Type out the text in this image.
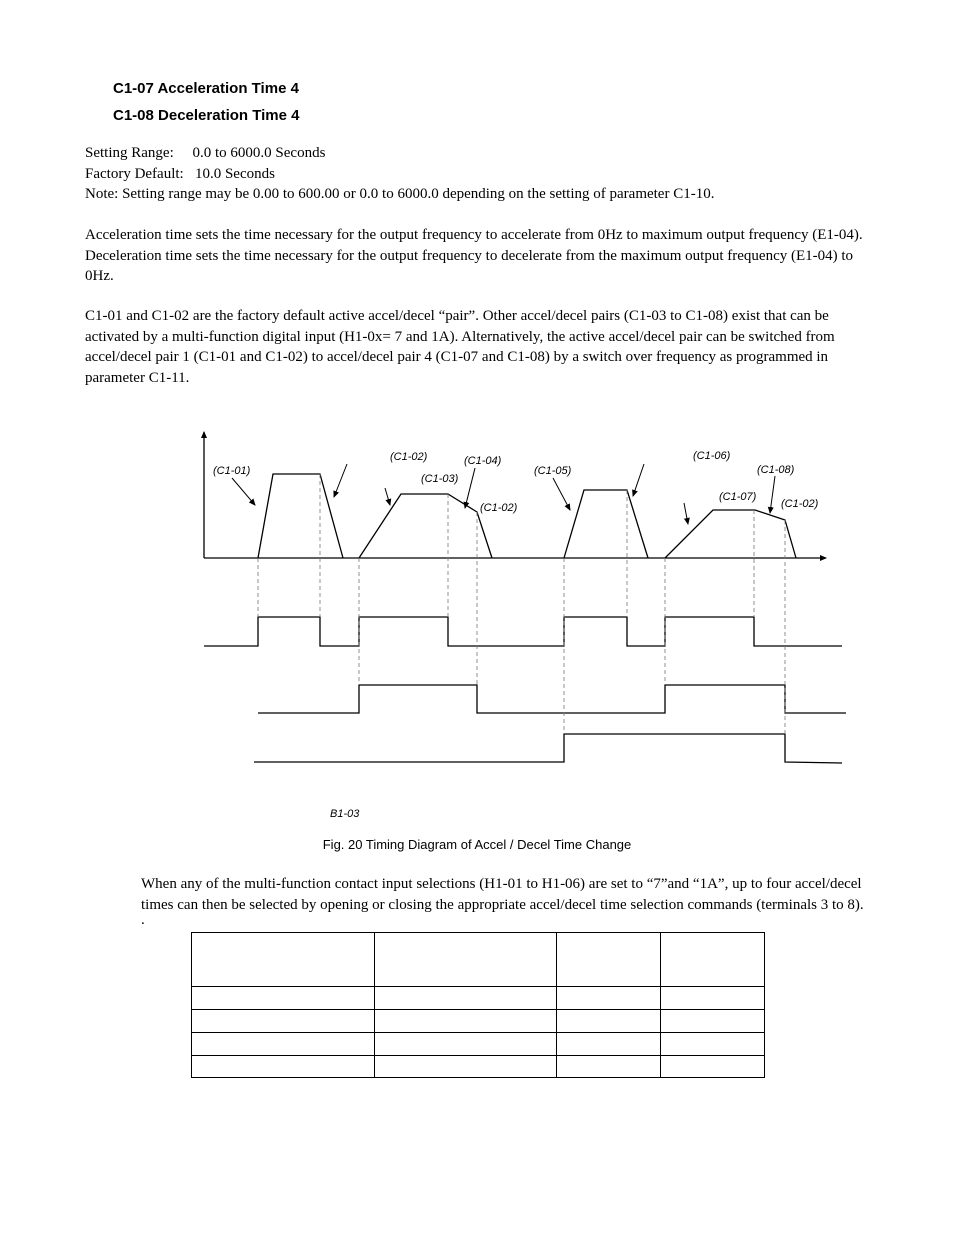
C1-07 Acceleration Time 4
C1-08 Deceleration Time 4

Setting Range:     0.0 to 6000.0 Seconds

Factory Default:   10.0 Seconds

Note: Setting range may be 0.00 to 600.00 or 0.0 to 6000.0 depending on the setting of parameter C1-10.

Acceleration time sets the time necessary for the output frequency to accelerate from 0Hz to maximum output frequency (E1-04). Deceleration time sets the time necessary for the output frequency to decelerate from the maximum output frequency (E1-04) to 0Hz.
C1-01 and C1-02 are the factory default active accel/decel “pair”. Other accel/decel pairs (C1-03 to C1-08) exist that can be activated by a multi-function digital input (H1-0x= 7 and 1A). Alternatively, the active accel/decel pair can be switched from accel/decel pair 1 (C1-01 and C1-02) to accel/decel pair 4 (C1-07 and C1-08) by a switch over frequency as programmed in parameter C1-11.
(C1-01)
(C1-02)
(C1-03)
(C1-04)
(C1-02)
(C1-05)
(C1-06)
(C1-08)
(C1-07)
(C1-02)
B1-03
Fig. 20 Timing Diagram of Accel / Decel Time Change
When any of the multi-function contact input selections (H1-01 to H1-06) are set to “7”and “1A”, up to four accel/decel times can then be selected by opening or closing the appropriate accel/decel time selection commands (terminals 3 to 8).
.
